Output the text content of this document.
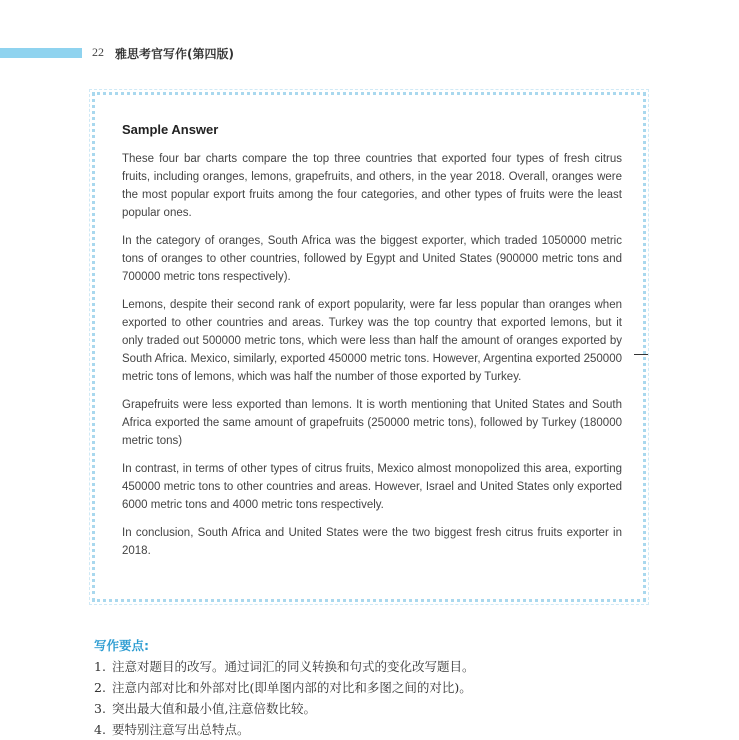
22 雅思考官写作(第四版)
Sample Answer

These four bar charts compare the top three countries that exported four types of fresh citrus fruits, including oranges, lemons, grapefruits, and others, in the year 2018. Overall, oranges were the most popular export fruits among the four categories, and other types of fruits were the least popular ones.

In the category of oranges, South Africa was the biggest exporter, which traded 1050000 metric tons of oranges to other countries, followed by Egypt and United States (900000 metric tons and 700000 metric tons respectively).

Lemons, despite their second rank of export popularity, were far less popular than oranges when exported to other countries and areas. Turkey was the top country that exported lemons, but it only traded out 500000 metric tons, which were less than half the amount of oranges exported by South Africa. Mexico, similarly, exported 450000 metric tons. However, Argentina exported 250000 metric tons of lemons, which was half the number of those exported by Turkey.

Grapefruits were less exported than lemons. It is worth mentioning that United States and South Africa exported the same amount of grapefruits (250000 metric tons), followed by Turkey (180000 metric tons)

In contrast, in terms of other types of citrus fruits, Mexico almost monopolized this area, exporting 450000 metric tons to other countries and areas. However, Israel and United States only exported 6000 metric tons and 4000 metric tons respectively.

In conclusion, South Africa and United States were the two biggest fresh citrus fruits exporter in 2018.

写作要点:
1. 注意对题目的改写。通过词汇的同义转换和句式的变化改写题目。
2. 注意内部对比和外部对比(即单图内部的对比和多图之间的对比)。
3. 突出最大值和最小值,注意倍数比较。
4. 要特别注意写出总特点。
